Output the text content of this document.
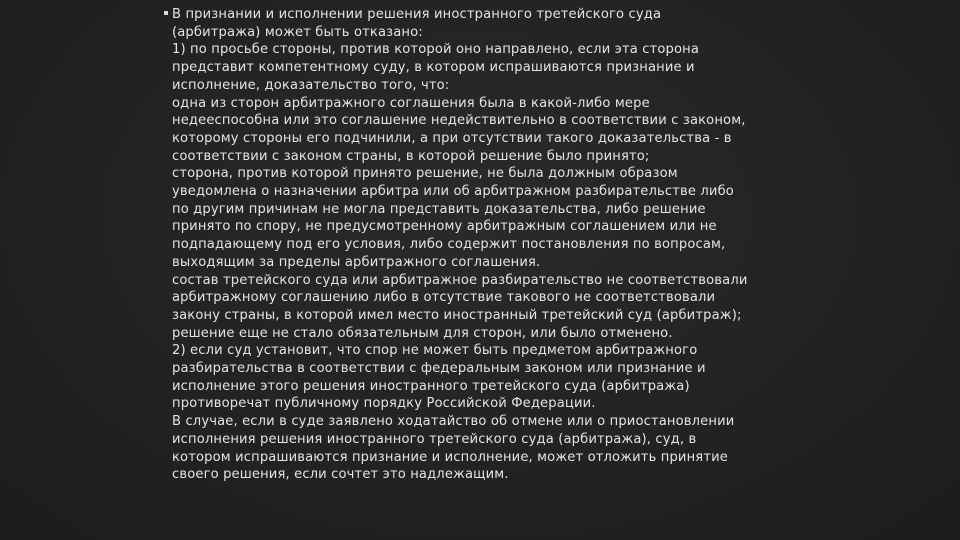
В признании и исполнении решения иностранного третейского суда
(арбитража) может быть отказано:
1) по просьбе стороны, против которой оно направлено, если эта сторона
представит компетентному суду, в котором испрашиваются признание и
исполнение, доказательство того, что:
одна из сторон арбитражного соглашения была в какой-либо мере
недееспособна или это соглашение недействительно в соответствии с законом,
которому стороны его подчинили, а при отсутствии такого доказательства - в
соответствии с законом страны, в которой решение было принято;
сторона, против которой принято решение, не была должным образом
уведомлена о назначении арбитра или об арбитражном разбирательстве либо
по другим причинам не могла представить доказательства, либо решение
принято по спору, не предусмотренному арбитражным соглашением или не
подпадающему под его условия, либо содержит постановления по вопросам,
выходящим за пределы арбитражного соглашения.
состав третейского суда или арбитражное разбирательство не соответствовали
арбитражному соглашению либо в отсутствие такового не соответствовали
закону страны, в которой имел место иностранный третейский суд (арбитраж);
решение еще не стало обязательным для сторон, или было отменено.
2) если суд установит, что спор не может быть предметом арбитражного
разбирательства в соответствии с федеральным законом или признание и
исполнение этого решения иностранного третейского суда (арбитража)
противоречат публичному порядку Российской Федерации.
В случае, если в суде заявлено ходатайство об отмене или о приостановлении
исполнения решения иностранного третейского суда (арбитража), суд, в
котором испрашиваются признание и исполнение, может отложить принятие
своего решения, если сочтет это надлежащим.
